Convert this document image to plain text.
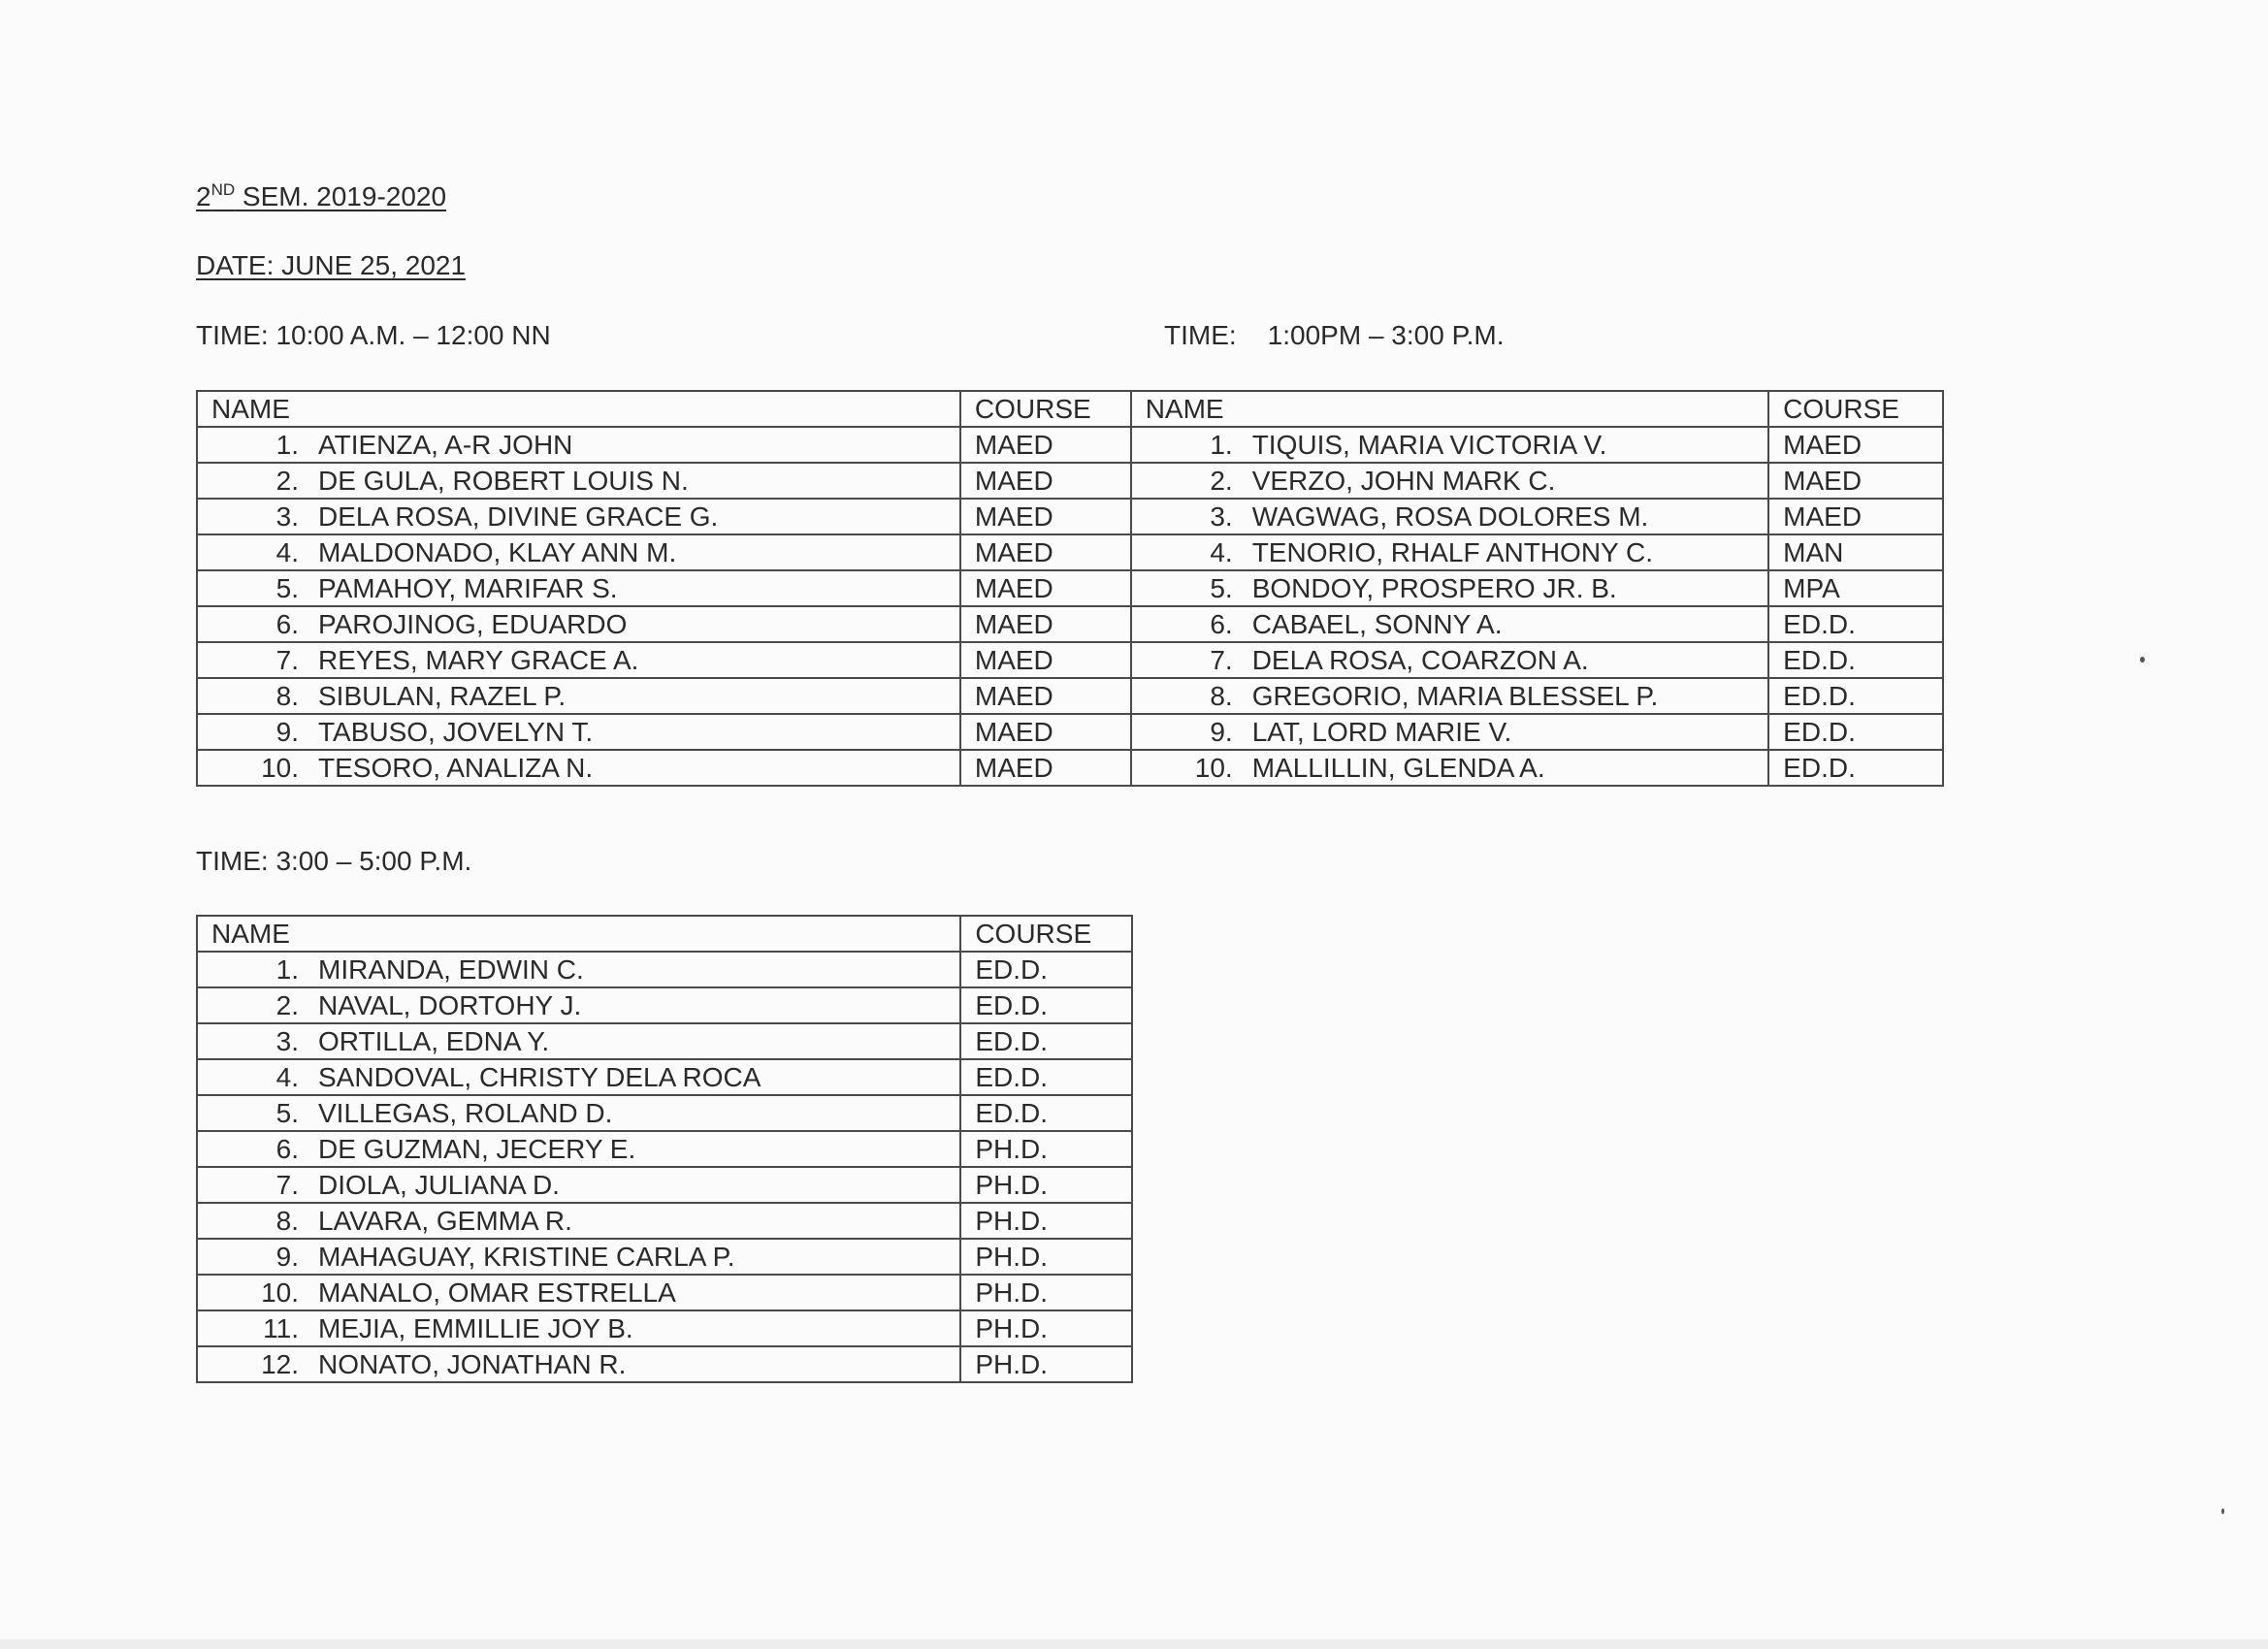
2ND SEM. 2019-2020
DATE: JUNE 25, 2021
TIME: 10:00 A.M. – 12:00 NN	TIME: 1:00PM – 3:00 P.M.
NAME	COURSE	NAME	COURSE
1. ATIENZA, A-R JOHN	MAED	1. TIQUIS, MARIA VICTORIA V.	MAED
2. DE GULA, ROBERT LOUIS N.	MAED	2. VERZO, JOHN MARK C.	MAED
3. DELA ROSA, DIVINE GRACE G.	MAED	3. WAGWAG, ROSA DOLORES M.	MAED
4. MALDONADO, KLAY ANN M.	MAED	4. TENORIO, RHALF ANTHONY C.	MAN
5. PAMAHOY, MARIFAR S.	MAED	5. BONDOY, PROSPERO JR. B.	MPA
6. PAROJINOG, EDUARDO	MAED	6. CABAEL, SONNY A.	ED.D.
7. REYES, MARY GRACE A.	MAED	7. DELA ROSA, COARZON A.	ED.D.
8. SIBULAN, RAZEL P.	MAED	8. GREGORIO, MARIA BLESSEL P.	ED.D.
9. TABUSO, JOVELYN T.	MAED	9. LAT, LORD MARIE V.	ED.D.
10. TESORO, ANALIZA N.	MAED	10. MALLILLIN, GLENDA A.	ED.D.
TIME: 3:00 – 5:00 P.M.
NAME	COURSE
1. MIRANDA, EDWIN C.	ED.D.
2. NAVAL, DORTOHY J.	ED.D.
3. ORTILLA, EDNA Y.	ED.D.
4. SANDOVAL, CHRISTY DELA ROCA	ED.D.
5. VILLEGAS, ROLAND D.	ED.D.
6. DE GUZMAN, JECERY E.	PH.D.
7. DIOLA, JULIANA D.	PH.D.
8. LAVARA, GEMMA R.	PH.D.
9. MAHAGUAY, KRISTINE CARLA P.	PH.D.
10. MANALO, OMAR ESTRELLA	PH.D.
11. MEJIA, EMMILLIE JOY B.	PH.D.
12. NONATO, JONATHAN R.	PH.D.
